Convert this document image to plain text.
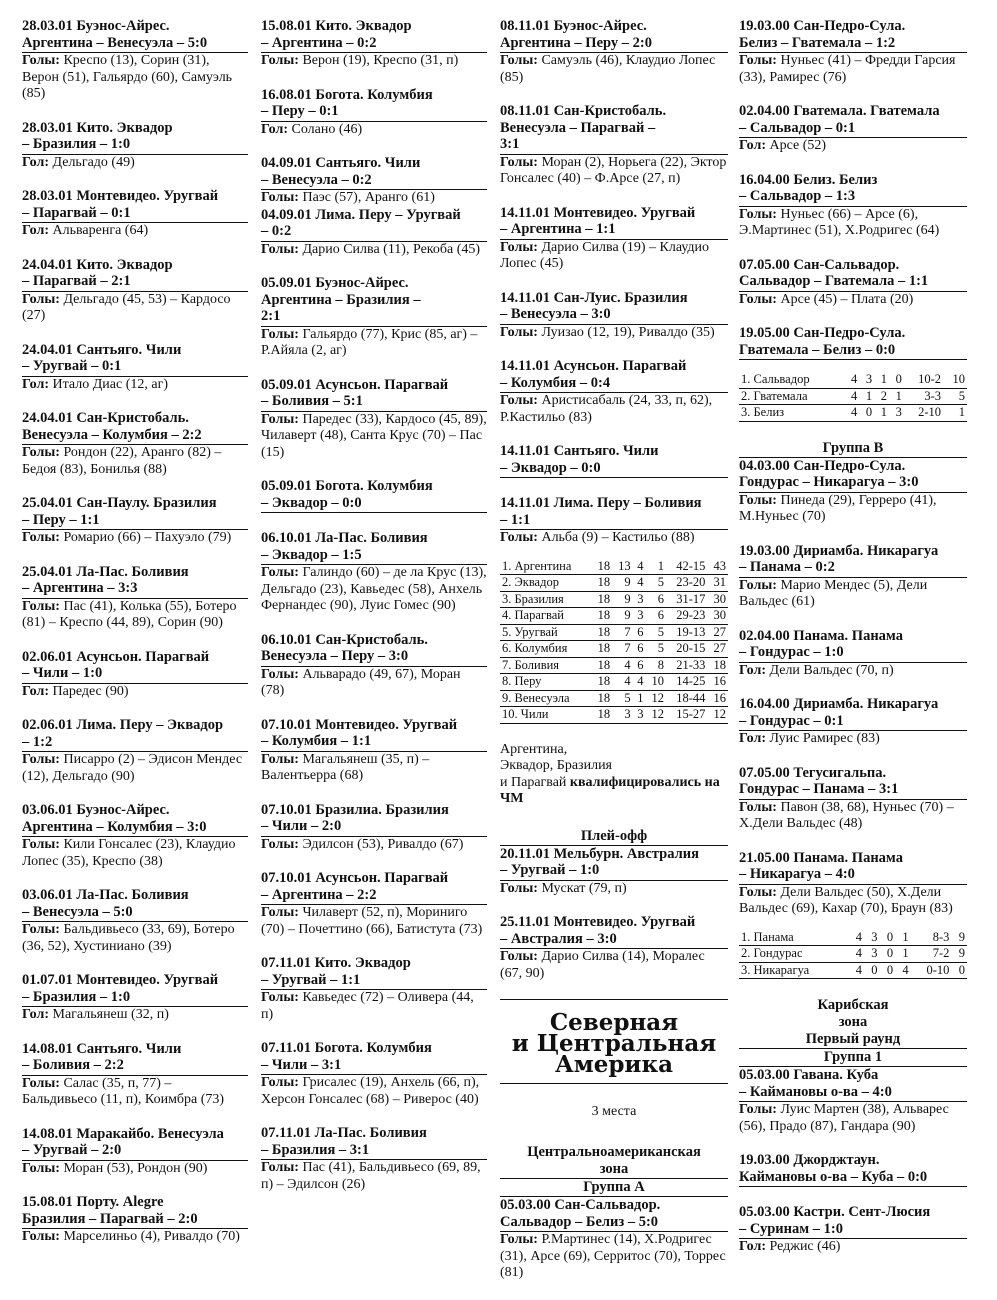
28.03.01 Буэнос-Айрес.
Аргентина – Венесуэла – 5:0
Голы: Креспо (13), Сорин (31), Верон (51), Гальярдо (60), Самуэль (85)
28.03.01 Кито. Эквадор
– Бразилия – 1:0
Гол: Дельгадо (49)
28.03.01 Монтевидео. Уругвай
– Парагвай – 0:1
Гол: Альваренга (64)
24.04.01 Кито. Эквадор
– Парагвай – 2:1
Голы: Дельгадо (45, 53) – Кардосо (27)
24.04.01 Сантьяго. Чили
– Уругвай – 0:1
Гол: Итало Диас (12, аг)
24.04.01 Сан-Кристобаль.
Венесуэла – Колумбия – 2:2
Голы: Рондон (22), Аранго (82) – Бедоя (83), Бонилья (88)
25.04.01 Сан-Паулу. Бразилия
– Перу – 1:1
Голы: Ромарио (66) – Пахуэло (79)
25.04.01 Ла-Пас. Боливия
– Аргентина – 3:3
Голы: Пас (41), Колька (55), Ботеро (81) – Креспо (44, 89), Сорин (90)
02.06.01 Асунсьон. Парагвай
– Чили – 1:0
Гол: Паредес (90)
02.06.01 Лима. Перу – Эквадор
– 1:2
Голы: Писарро (2) – Эдисон Мендес (12), Дельгадо (90)
03.06.01 Буэнос-Айрес.
Аргентина – Колумбия – 3:0
Голы: Кили Гонсалес (23), Клаудио Лопес (35), Креспо (38)
03.06.01 Ла-Пас. Боливия
– Венесуэла – 5:0
Голы: Бальдивьесо (33, 69), Ботеро (36, 52), Хустиниано (39)
01.07.01 Монтевидео. Уругвай
– Бразилия – 1:0
Гол: Магальянеш (32, п)
14.08.01 Сантьяго. Чили
– Боливия – 2:2
Голы: Салас (35, п, 77) – Бальдивьесо (11, п), Коимбра (73)
14.08.01 Маракайбо. Венесуэла
– Уругвай – 2:0
Голы: Моран (53), Рондон (90)
15.08.01 Порту. Alegre
Бразилия – Парагвай – 2:0
Голы: Марселиньо (4), Ривалдо (70)
15.08.01 Кито. Эквадор
– Аргентина – 0:2
Голы: Верон (19), Креспо (31, п)
16.08.01 Богота. Колумбия
– Перу – 0:1
Гол: Солано (46)
04.09.01 Сантьяго. Чили
– Венесуэла – 0:2
Голы: Паэс (57), Аранго (61)
04.09.01 Лима. Перу – Уругвай
– 0:2
Голы: Дарио Силва (11), Рекоба (45)
05.09.01 Буэнос-Айрес.
Аргентина – Бразилия –
2:1
Голы: Гальярдо (77), Крис (85, аг) – Р.Айяла (2, аг)
05.09.01 Асунсьон. Парагвай
– Боливия – 5:1
Голы: Паредес (33), Кардосо (45, 89), Чилаверт (48), Санта Крус (70) – Пас (15)
05.09.01 Богота. Колумбия
– Эквадор – 0:0
06.10.01 Ла-Пас. Боливия
– Эквадор – 1:5
Голы: Галиндо (60) – де ла Крус (13), Дельгадо (23), Кавьедес (58), Анхель Фернандес (90), Луис Гомес (90)
06.10.01 Сан-Кристобаль.
Венесуэла – Перу – 3:0
Голы: Альварадо (49, 67), Моран (78)
07.10.01 Монтевидео. Уругвай
– Колумбия – 1:1
Голы: Магальянеш (35, п) – Валентьерра (68)
07.10.01 Бразилиа. Бразилия
– Чили – 2:0
Голы: Эдилсон (53), Ривалдо (67)
07.10.01 Асунсьон. Парагвай
– Аргентина – 2:2
Голы: Чилаверт (52, п), Мориниго (70) – Почеттино (66), Батистута (73)
07.11.01 Кито. Эквадор
– Уругвай – 1:1
Голы: Кавьедес (72) – Оливера (44, п)
07.11.01 Богота. Колумбия
– Чили – 3:1
Голы: Грисалес (19), Анхель (66, п), Херсон Гонсалес (68) – Риверос (40)
07.11.01 Ла-Пас. Боливия
– Бразилия – 3:1
Голы: Пас (41), Бальдивьесо (69, 89, п) – Эдилсон (26)
08.11.01 Буэнос-Айрес.
Аргентина – Перу – 2:0
Голы: Самуэль (46), Клаудио Лопес (85)
08.11.01 Сан-Кристобаль.
Венесуэла – Парагвай –
3:1
Голы: Моран (2), Норьега (22), Эктор Гонсалес (40) – Ф.Арсе (27, п)
14.11.01 Монтевидео. Уругвай
– Аргентина – 1:1
Голы: Дарио Силва (19) – Клаудио Лопес (45)
14.11.01 Сан-Луис. Бразилия
– Венесуэла – 3:0
Голы: Луизао (12, 19), Ривалдо (35)
14.11.01 Асунсьон. Парагвай
– Колумбия – 0:4
Голы: Аристисабаль (24, 33, п, 62), Р.Кастильо (83)
14.11.01 Сантьяго. Чили
– Эквадор – 0:0
14.11.01 Лима. Перу – Боливия
– 1:1
Голы: Альба (9) – Кастильо (88)
1. Аргентина	18	13	4	1	42-15	43
2. Эквадор	18	9	4	5	23-20	31
3. Бразилия	18	9	3	6	31-17	30
4. Парагвай	18	9	3	6	29-23	30
5. Уругвай	18	7	6	5	19-13	27
6. Колумбия	18	7	6	5	20-15	27
7. Боливия	18	4	6	8	21-33	18
8. Перу	18	4	4	10	14-25	16
9. Венесуэла	18	5	1	12	18-44	16
10. Чили	18	3	3	12	15-27	12
Аргентина,
Эквадор, Бразилия
и Парагвай квалифицировались на ЧМ
Плей-офф
20.11.01 Мельбурн. Австралия
– Уругвай – 1:0
Голы: Мускат (79, п)
25.11.01 Монтевидео. Уругвай
– Австралия – 3:0
Голы: Дарио Силва (14), Моралес (67, 90)
Северная
и Центральная
Америка
3 места
Центральноамериканская
зона
Группа А
05.03.00 Сан-Сальвадор.
Сальвадор – Белиз – 5:0
Голы: Р.Мартинес (14), Х.Родригес (31), Арсе (69), Серритос (70), Торрес (81)
19.03.00 Сан-Педро-Сула.
Белиз – Гватемала – 1:2
Голы: Нуньес (41) – Фредди Гарсия (33), Рамирес (76)
02.04.00 Гватемала. Гватемала
– Сальвадор – 0:1
Гол: Арсе (52)
16.04.00 Белиз. Белиз
– Сальвадор – 1:3
Голы: Нуньес (66) – Арсе (6), Э.Мартинес (51), Х.Родригес (64)
07.05.00 Сан-Сальвадор.
Сальвадор – Гватемала – 1:1
Голы: Арсе (45) – Плата (20)
19.05.00 Сан-Педро-Сула.
Гватемала – Белиз – 0:0
1. Сальвадор	4	3	1	0	10-2	10
2. Гватемала	4	1	2	1	3-3	5
3. Белиз	4	0	1	3	2-10	1
Группа В
04.03.00 Сан-Педро-Сула.
Гондурас – Никарагуа – 3:0
Голы: Пинеда (29), Герреро (41), М.Нуньес (70)
19.03.00 Дириамба. Никарагуа
– Панама – 0:2
Голы: Марио Мендес (5), Дели Вальдес (61)
02.04.00 Панама. Панама
– Гондурас – 1:0
Гол: Дели Вальдес (70, п)
16.04.00 Дириамба. Никарагуа
– Гондурас – 0:1
Гол: Луис Рамирес (83)
07.05.00 Тегусигальпа.
Гондурас – Панама – 3:1
Голы: Павон (38, 68), Нуньес (70) – Х.Дели Вальдес (48)
21.05.00 Панама. Панама
– Никарагуа – 4:0
Голы: Дели Вальдес (50), Х.Дели Вальдес (69), Кахар (70), Браун (83)
1. Панама	4	3	0	1	8-3	9
2. Гондурас	4	3	0	1	7-2	9
3. Никарагуа	4	0	0	4	0-10	0
Карибская
зона
Первый раунд
Группа 1
05.03.00 Гавана. Куба
– Каймановы о-ва – 4:0
Голы: Луис Мартен (38), Альварес (56), Прадо (87), Гандара (90)
19.03.00 Джорджтаун.
Каймановы о-ва – Куба – 0:0
05.03.00 Кастри. Сент-Люсия
– Суринам – 1:0
Гол: Реджис (46)
